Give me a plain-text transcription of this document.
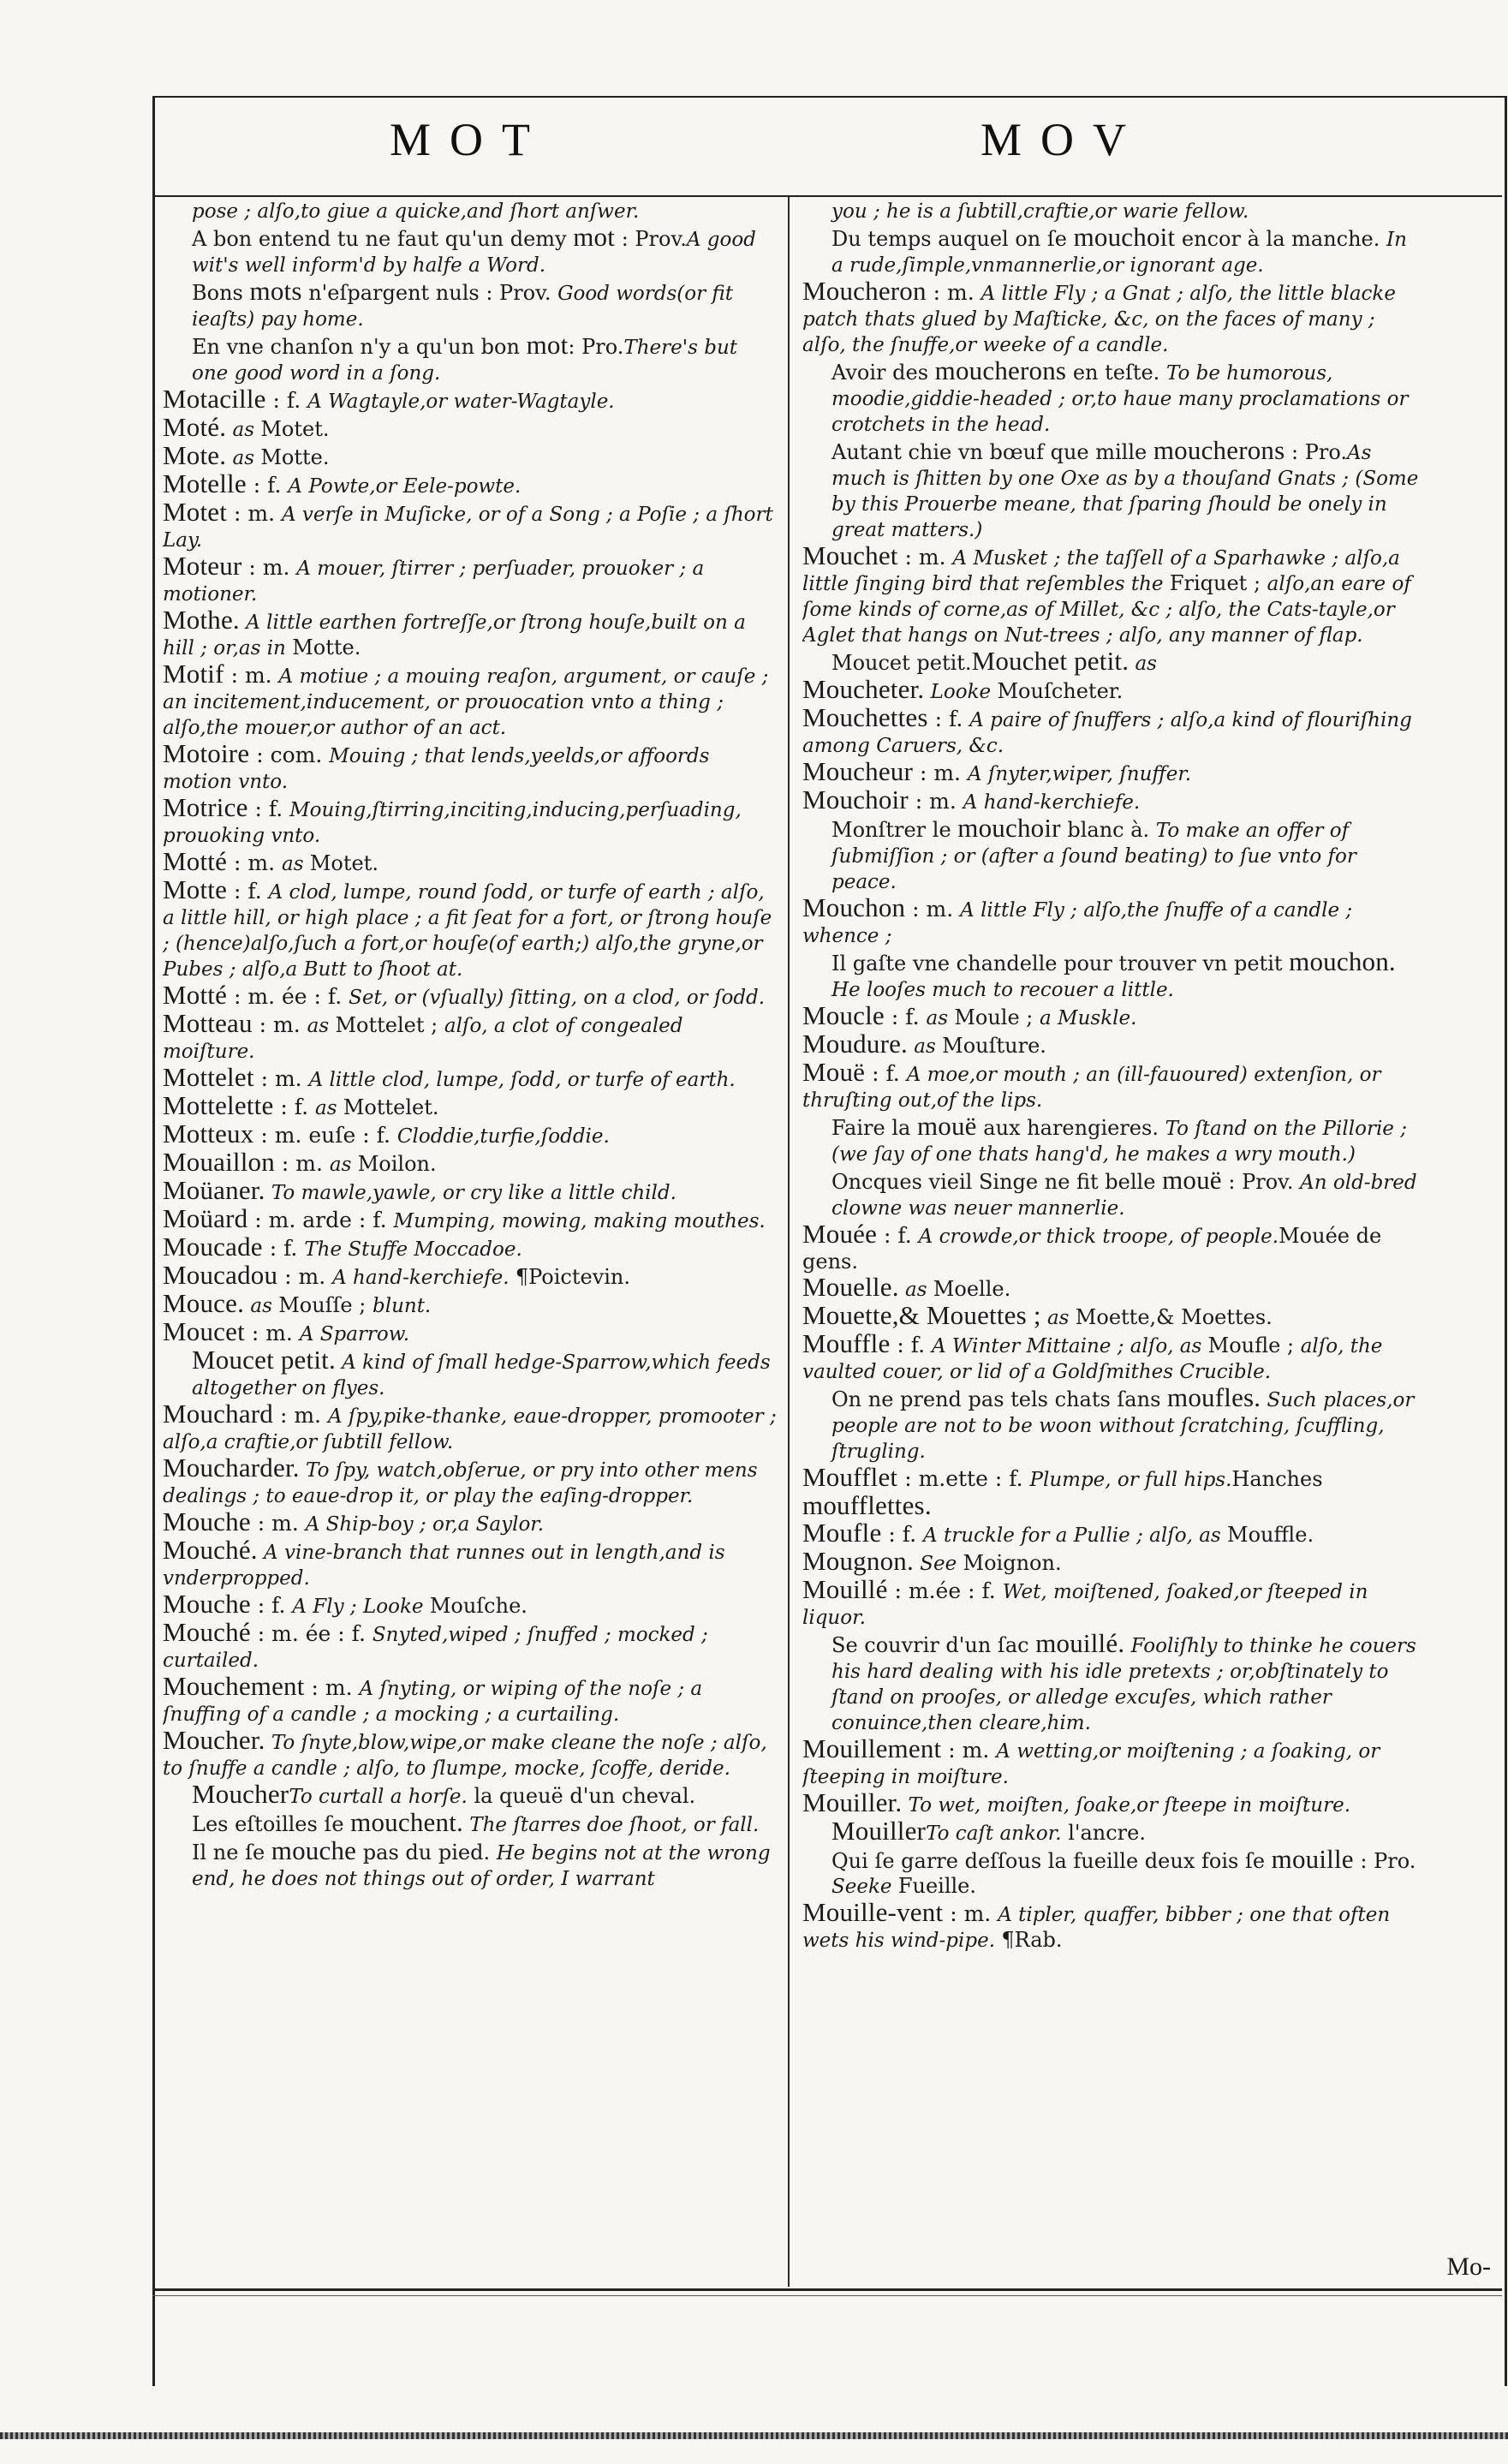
MOT	MOV

pose ; alſo,to giue a quicke,and ſhort anſwer.

A bon entend tu ne faut qu'un demy mot : Prov.A good wit's well inform'd by halfe a Word.

Bons mots n'eſpargent nuls : Prov. Good words(or fit ieaſts) pay home.

En vne chanſon n'y a qu'un bon mot: Pro.There's but one good word in a ſong.

Motacille : f. A Wagtayle,or water-Wagtayle.

Moté. as Motet.

Mote. as Motte.

Motelle : f. A Powte,or Eele-powte.

Motet : m. A verſe in Muſicke, or of a Song ; a Poſie ; a ſhort Lay.

Moteur : m. A mouer, ſtirrer ; perſuader, prouoker ; a motioner.

Mothe. A little earthen fortreſſe,or ſtrong houſe,built on a hill ; or,as in Motte.

Motif : m. A motiue ; a mouing reaſon, argument, or cauſe ; an incitement,inducement, or prouocation vnto a thing ; alſo,the mouer,or author of an act.

Motoire : com. Mouing ; that lends,yeelds,or affoords motion vnto.

Motrice : f. Mouing,ſtirring,inciting,inducing,perſuading, prouoking vnto.

Motté : m. as Motet.

Motte : f. A clod, lumpe, round ſodd, or turfe of earth ; alſo, a little hill, or high place ; a fit ſeat for a fort, or ſtrong houſe ; (hence)alſo,ſuch a fort,or houſe(of earth;) alſo,the gryne,or Pubes ; alſo,a Butt to ſhoot at.

Motté : m. ée : f. Set, or (vſually) ſitting, on a clod, or ſodd.

Motteau : m. as Mottelet ; alſo, a clot of congealed moiſture.

Mottelet : m. A little clod, lumpe, ſodd, or turfe of earth.

Mottelette : f. as Mottelet.

Motteux : m. euſe : f. Cloddie,turfie,ſoddie.

Mouaillon : m. as Moilon.

Moüaner. To mawle,yawle, or cry like a little child.

Moüard : m. arde : f. Mumping, mowing, making mouthes.

Moucade : f. The Stuffe Moccadoe.

Moucadou : m. A hand-kerchiefe. ¶Poictevin.

Mouce. as Mouſſe ; blunt.

Moucet : m. A Sparrow.

Moucet petit. A kind of ſmall hedge-Sparrow,which feeds altogether on flyes.

Mouchard : m. A ſpy,pike-thanke, eaue-dropper, promooter ; alſo,a craftie,or ſubtill fellow.

Moucharder. To ſpy, watch,obſerue, or pry into other mens dealings ; to eaue-drop it, or play the eaſing-dropper.

Mouche : m. A Ship-boy ; or,a Saylor.

Mouché. A vine-branch that runnes out in length,and is vnderpropped.

Mouche : f. A Fly ; Looke Mouſche.

Mouché : m. ée : f. Snyted,wiped ; ſnuffed ; mocked ; curtailed.

Mouchement : m. A ſnyting, or wiping of the noſe ; a ſnuffing of a candle ; a mocking ; a curtailing.

Moucher. To ſnyte,blow,wipe,or make cleane the noſe ; alſo, to ſnuffe a candle ; alſo, to ſlumpe, mocke, ſcoffe, deride.

MoucherTo curtall a horſe. la queuë d'un cheval.

Les eſtoilles ſe mouchent. The ſtarres doe ſhoot, or fall.

Il ne ſe mouche pas du pied. He begins not at the wrong end, he does not things out of order, I warrant

you ; he is a ſubtill,craftie,or warie fellow.

Du temps auquel on ſe mouchoit encor à la manche. In a rude,ſimple,vnmannerlie,or ignorant age.

Moucheron : m. A little Fly ; a Gnat ; alſo, the little blacke patch thats glued by Maſticke, &c, on the faces of many ; alſo, the ſnuffe,or weeke of a candle.

Avoir des moucherons en teſte. To be humorous, moodie,giddie-headed ; or,to haue many proclamations or crotchets in the head.

Autant chie vn bœuf que mille moucherons : Pro.As much is ſhitten by one Oxe as by a thouſand Gnats ; (Some by this Prouerbe meane, that ſparing ſhould be onely in great matters.)

Mouchet : m. A Musket ; the taſſell of a Sparhawke ; alſo,a little ſinging bird that reſembles the Friquet ; alſo,an eare of ſome kinds of corne,as of Millet, &c ; alſo, the Cats-tayle,or Aglet that hangs on Nut-trees ; alſo, any manner of flap.

Moucet petit.Mouchet petit. as

Moucheter. Looke Mouſcheter.

Mouchettes : f. A paire of ſnuffers ; alſo,a kind of flouriſhing among Caruers, &c.

Moucheur : m. A ſnyter,wiper, ſnuffer.

Mouchoir : m. A hand-kerchiefe.

Monſtrer le mouchoir blanc à. To make an offer of ſubmiſſion ; or (after a ſound beating) to ſue vnto for peace.

Mouchon : m. A little Fly ; alſo,the ſnuffe of a candle ; whence ;

Il gaſte vne chandelle pour trouver vn petit mouchon. He looſes much to recouer a little.

Moucle : f. as Moule ; a Muskle.

Moudure. as Mouſture.

Mouë : f. A moe,or mouth ; an (ill-fauoured) extenſion, or thruſting out,of the lips.

Faire la mouë aux harengieres. To ſtand on the Pillorie ; (we ſay of one thats hang'd, he makes a wry mouth.)

Oncques vieil Singe ne fit belle mouë : Prov. An old-bred clowne was neuer mannerlie.

Mouée : f. A crowde,or thick troope, of people.Mouée de gens.

Mouelle. as Moelle.

Mouette,& Mouettes ; as Moette,& Moettes.

Mouffle : f. A Winter Mittaine ; alſo, as Moufle ; alſo, the vaulted couer, or lid of a Goldſmithes Crucible.

On ne prend pas tels chats ſans moufles. Such places,or people are not to be woon without ſcratching, ſcuffling, ſtrugling.

Moufflet : m.ette : f. Plumpe, or full hips.Hanches moufflettes.

Moufle : f. A truckle for a Pullie ; alſo, as Mouffle.

Mougnon. See Moignon.

Mouillé : m.ée : f. Wet, moiſtened, ſoaked,or ſteeped in liquor.

Se couvrir d'un ſac mouillé. Fooliſhly to thinke he couers his hard dealing with his idle pretexts ; or,obſtinately to ſtand on prooſes, or alledge excuſes, which rather conuince,then cleare,him.

Mouillement : m. A wetting,or moiſtening ; a ſoaking, or ſteeping in moiſture.

Mouiller. To wet, moiſten, ſoake,or ſteepe in moiſture.

MouillerTo caſt ankor. l'ancre.

Qui ſe garre deſſous la fueille deux fois ſe mouille : Pro. Seeke Fueille.

Mouille-vent : m. A tipler, quaffer, bibber ; one that often wets his wind-pipe. ¶Rab.

Mo-
